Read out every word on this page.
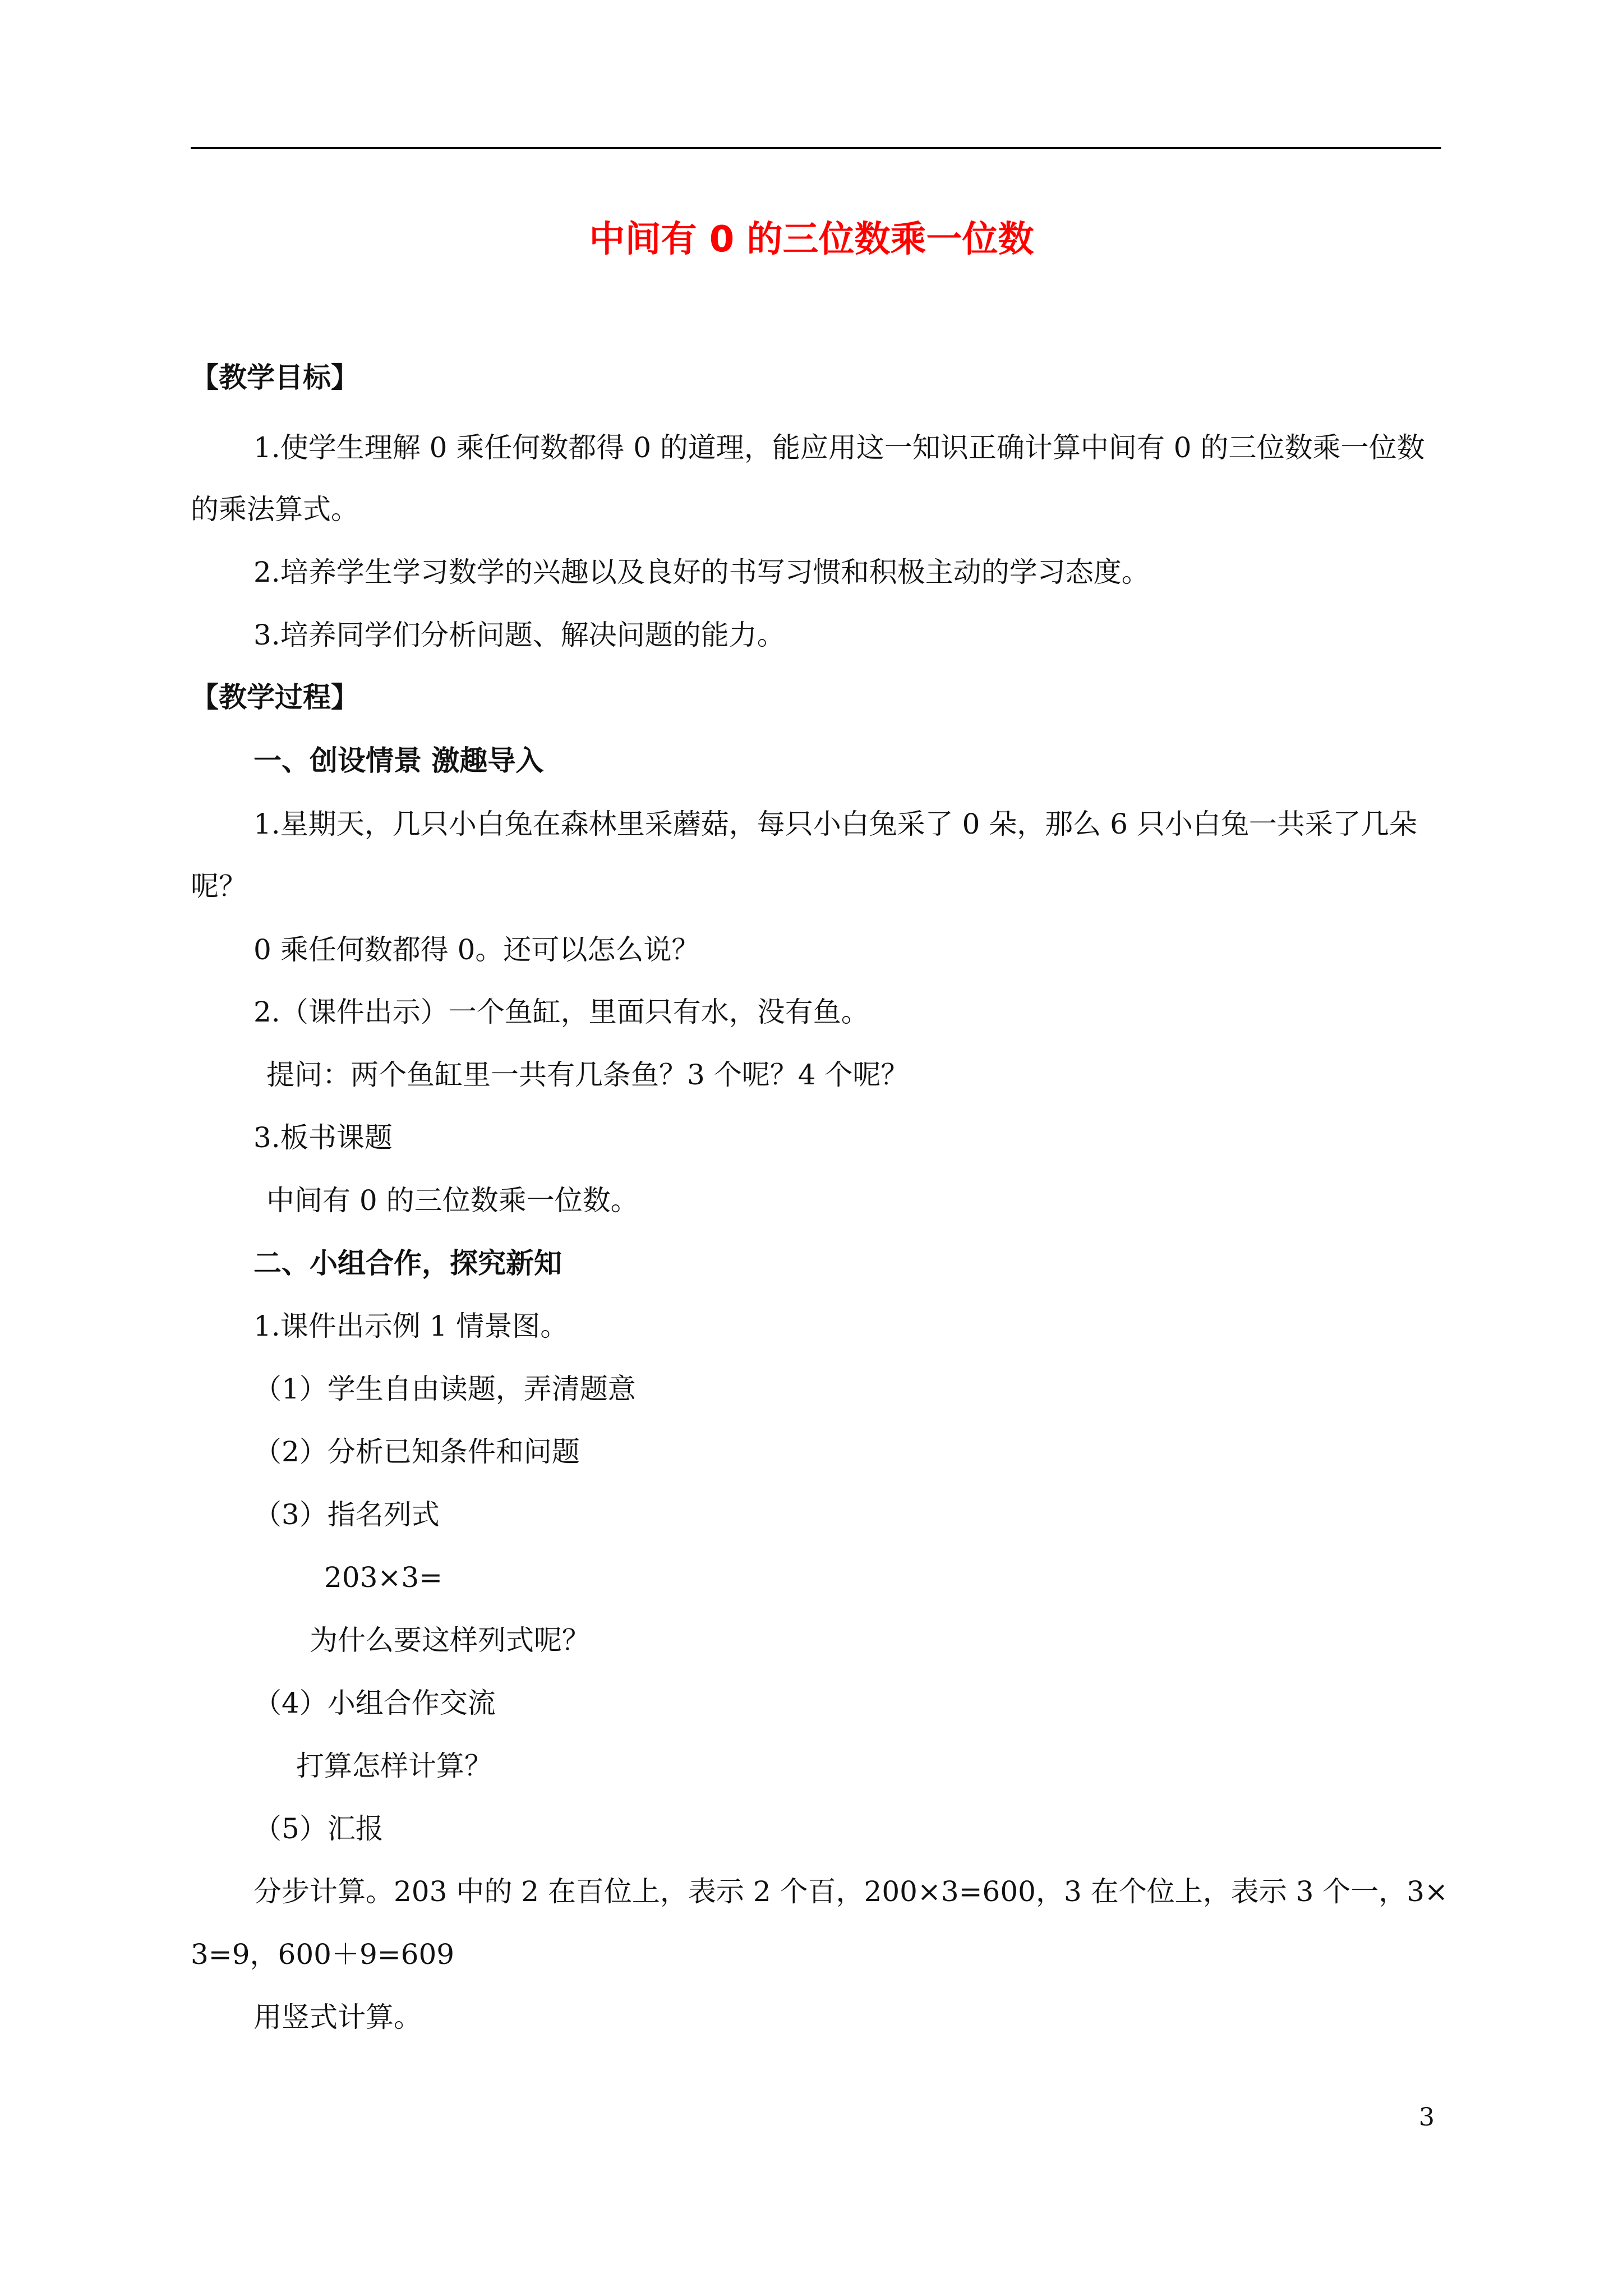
中间有 0 的三位数乘一位数
【教学目标】
1.使学生理解 0 乘任何数都得 0 的道理，能应用这一知识正确计算中间有 0 的三位数乘一位数
的乘法算式。
2.培养学生学习数学的兴趣以及良好的书写习惯和积极主动的学习态度。
3.培养同学们分析问题、解决问题的能力。
【教学过程】
一、创设情景 激趣导入
1.星期天，几只小白兔在森林里采蘑菇，每只小白兔采了 0 朵，那么 6 只小白兔一共采了几朵
呢？
0 乘任何数都得 0。还可以怎么说？
2.（课件出示）一个鱼缸，里面只有水，没有鱼。
提问：两个鱼缸里一共有几条鱼？3 个呢？4 个呢？
3.板书课题
中间有 0 的三位数乘一位数。
二、小组合作，探究新知
1.课件出示例 1 情景图。
（1）学生自由读题，弄清题意
（2）分析已知条件和问题
（3）指名列式
203×3=
为什么要这样列式呢？
（4）小组合作交流
打算怎样计算？
（5）汇报
分步计算。203 中的 2 在百位上，表示 2 个百，200×3=600，3 在个位上，表示 3 个一，3×
3=9，600＋9=609
用竖式计算。
3
